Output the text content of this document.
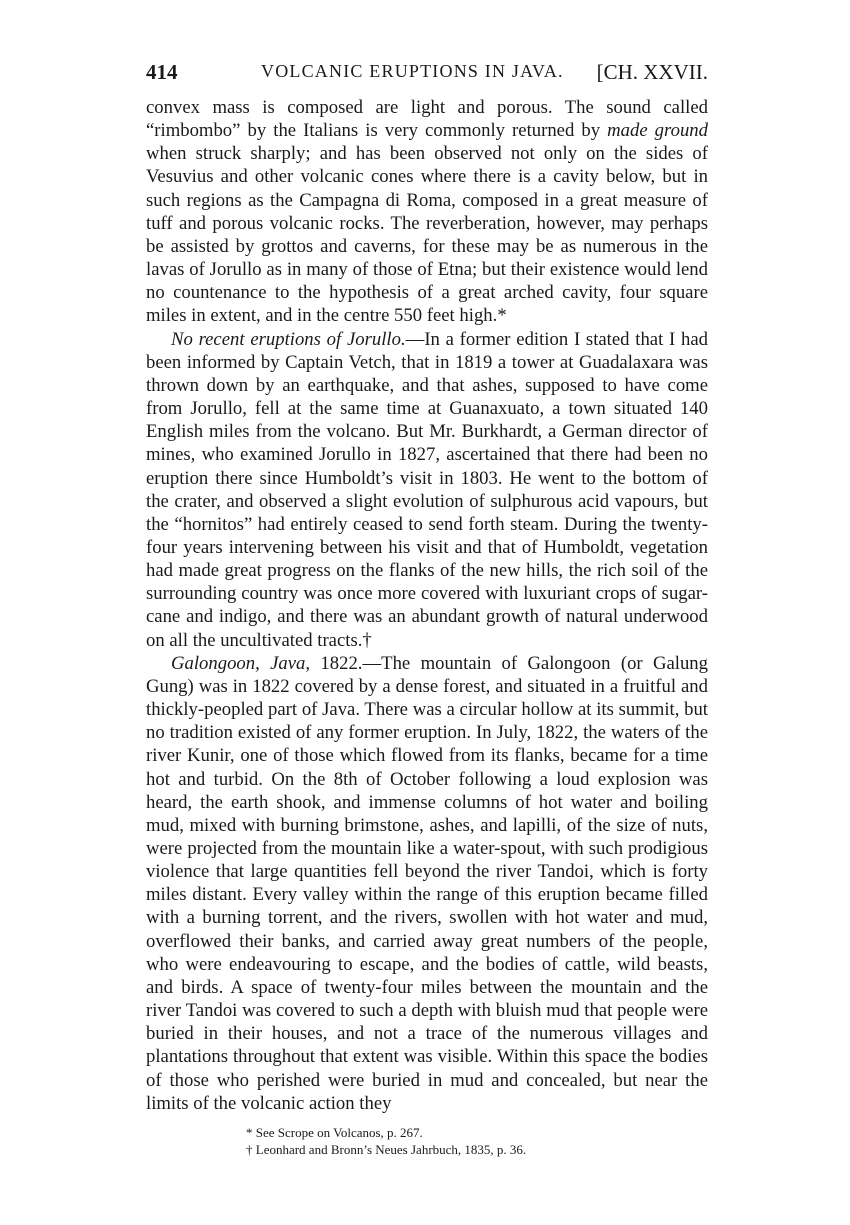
414	VOLCANIC ERUPTIONS IN JAVA. [CH. XXVII.

convex mass is composed are light and porous. The sound called “rimbombo” by the Italians is very commonly returned by made ground when struck sharply; and has been observed not only on the sides of Vesuvius and other volcanic cones where there is a cavity below, but in such regions as the Campagna di Roma, composed in a great measure of tuff and porous volcanic rocks. The reverberation, however, may perhaps be assisted by grottos and caverns, for these may be as numerous in the lavas of Jorullo as in many of those of Etna; but their existence would lend no countenance to the hypothesis of a great arched cavity, four square miles in extent, and in the centre 550 feet high.*

No recent eruptions of Jorullo.—In a former edition I stated that I had been informed by Captain Vetch, that in 1819 a tower at Guadalaxara was thrown down by an earthquake, and that ashes, supposed to have come from Jorullo, fell at the same time at Guanaxuato, a town situated 140 English miles from the volcano. But Mr. Burkhardt, a German director of mines, who examined Jorullo in 1827, ascertained that there had been no eruption there since Humboldt’s visit in 1803. He went to the bottom of the crater, and observed a slight evolution of sulphurous acid vapours, but the “hornitos” had entirely ceased to send forth steam. During the twenty-four years intervening between his visit and that of Humboldt, vegetation had made great progress on the flanks of the new hills, the rich soil of the surrounding country was once more covered with luxuriant crops of sugar-cane and indigo, and there was an abundant growth of natural underwood on all the uncultivated tracts.†

Galongoon, Java, 1822.—The mountain of Galongoon (or Galung Gung) was in 1822 covered by a dense forest, and situated in a fruitful and thickly-peopled part of Java. There was a circular hollow at its summit, but no tradition existed of any former eruption. In July, 1822, the waters of the river Kunir, one of those which flowed from its flanks, became for a time hot and turbid. On the 8th of October following a loud explosion was heard, the earth shook, and immense columns of hot water and boiling mud, mixed with burning brimstone, ashes, and lapilli, of the size of nuts, were projected from the mountain like a water-spout, with such prodigious violence that large quantities fell beyond the river Tandoi, which is forty miles distant. Every valley within the range of this eruption became filled with a burning torrent, and the rivers, swollen with hot water and mud, overflowed their banks, and carried away great numbers of the people, who were endeavouring to escape, and the bodies of cattle, wild beasts, and birds. A space of twenty-four miles between the mountain and the river Tandoi was covered to such a depth with bluish mud that people were buried in their houses, and not a trace of the numerous villages and plantations throughout that extent was visible. Within this space the bodies of those who perished were buried in mud and concealed, but near the limits of the volcanic action they

* See Scrope on Volcanos, p. 267.
† Leonhard and Bronn’s Neues Jahrbuch, 1835, p. 36.
